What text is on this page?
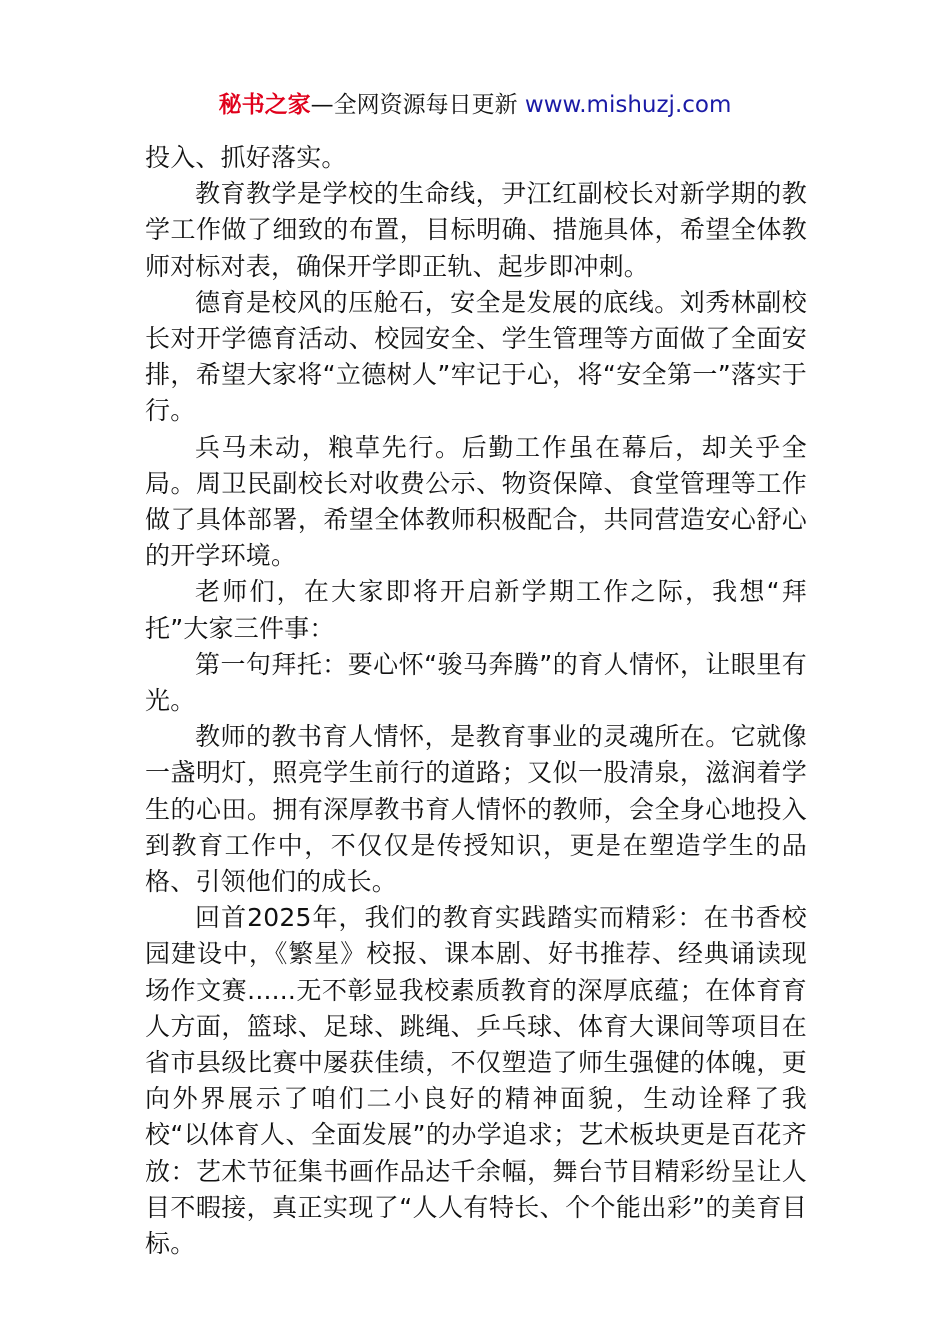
秘书之家—全网资源每日更新 www.mishuzj.com

投入、抓好落实。

教育教学是学校的生命线，尹江红副校长对新学期的教学工作做了细致的布置，目标明确、措施具体，希望全体教师对标对表，确保开学即正轨、起步即冲刺。

德育是校风的压舱石，安全是发展的底线。刘秀林副校长对开学德育活动、校园安全、学生管理等方面做了全面安排，希望大家将“立德树人”牢记于心，将“安全第一”落实于行。

兵马未动，粮草先行。后勤工作虽在幕后，却关乎全局。周卫民副校长对收费公示、物资保障、食堂管理等工作做了具体部署，希望全体教师积极配合，共同营造安心舒心的开学环境。

老师们，在大家即将开启新学期工作之际，我想“拜托”大家三件事：

第一句拜托：要心怀“骏马奔腾”的育人情怀，让眼里有光。

教师的教书育人情怀，是教育事业的灵魂所在。它就像一盏明灯，照亮学生前行的道路；又似一股清泉，滋润着学生的心田。拥有深厚教书育人情怀的教师，会全身心地投入到教育工作中，不仅仅是传授知识，更是在塑造学生的品格、引领他们的成长。

回首2025年，我们的教育实践踏实而精彩：在书香校园建设中，《繁星》校报、课本剧、好书推荐、经典诵读现场作文赛......无不彰显我校素质教育的深厚底蕴；在体育育人方面，篮球、足球、跳绳、乒乓球、体育大课间等项目在省市县级比赛中屡获佳绩，不仅塑造了师生强健的体魄，更向外界展示了咱们二小良好的精神面貌，生动诠释了我校“以体育人、全面发展”的办学追求；艺术板块更是百花齐放：艺术节征集书画作品达千余幅，舞台节目精彩纷呈让人目不暇接，真正实现了“人人有特长、个个能出彩”的美育目标。
